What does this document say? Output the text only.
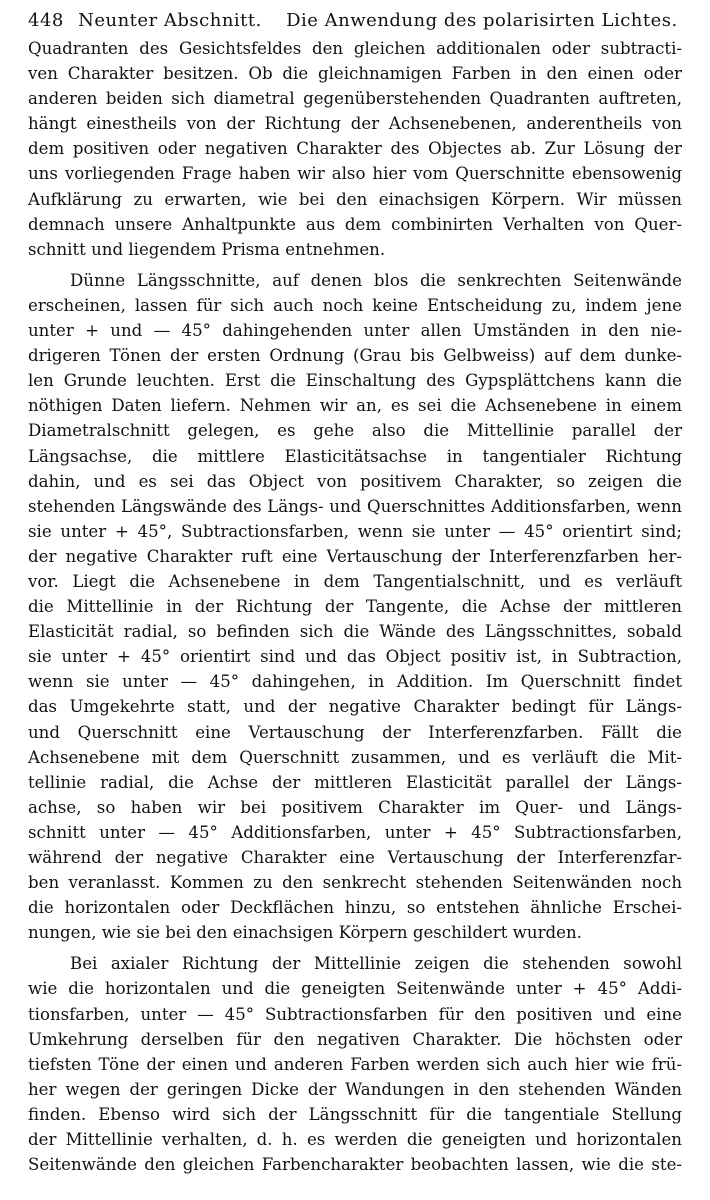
448 Neunter Abschnitt. Die Anwendung des polarisirten Lichtes.
Quadranten des Gesichtsfeldes den gleichen additionalen oder subtracti-
ven Charakter besitzen. Ob die gleichnamigen Farben in den einen oder
anderen beiden sich diametral gegenüberstehenden Quadranten auftreten,
hängt einestheils von der Richtung der Achsenebenen, anderentheils von
dem positiven oder negativen Charakter des Objectes ab. Zur Lösung der
uns vorliegenden Frage haben wir also hier vom Querschnitte ebensowenig
Aufklärung zu erwarten, wie bei den einachsigen Körpern. Wir müssen
demnach unsere Anhaltpunkte aus dem combinirten Verhalten von Quer-
schnitt und liegendem Prisma entnehmen.
Dünne Längsschnitte, auf denen blos die senkrechten Seitenwände
erscheinen, lassen für sich auch noch keine Entscheidung zu, indem jene
unter + und — 45° dahingehenden unter allen Umständen in den nie-
drigeren Tönen der ersten Ordnung (Grau bis Gelbweiss) auf dem dunke-
len Grunde leuchten. Erst die Einschaltung des Gypsplättchens kann die
nöthigen Daten liefern. Nehmen wir an, es sei die Achsenebene in einem
Diametralschnitt gelegen, es gehe also die Mittellinie parallel der
Längsachse, die mittlere Elasticitätsachse in tangentialer Richtung
dahin, und es sei das Object von positivem Charakter, so zeigen die
stehenden Längswände des Längs- und Querschnittes Additionsfarben, wenn
sie unter + 45°, Subtractionsfarben, wenn sie unter — 45° orientirt sind;
der negative Charakter ruft eine Vertauschung der Interferenzfarben her-
vor. Liegt die Achsenebene in dem Tangentialschnitt, und es verläuft
die Mittellinie in der Richtung der Tangente, die Achse der mittleren
Elasticität radial, so befinden sich die Wände des Längsschnittes, sobald
sie unter + 45° orientirt sind und das Object positiv ist, in Subtraction,
wenn sie unter — 45° dahingehen, in Addition. Im Querschnitt findet
das Umgekehrte statt, und der negative Charakter bedingt für Längs-
und Querschnitt eine Vertauschung der Interferenzfarben. Fällt die
Achsenebene mit dem Querschnitt zusammen, und es verläuft die Mit-
tellinie radial, die Achse der mittleren Elasticität parallel der Längs-
achse, so haben wir bei positivem Charakter im Quer- und Längs-
schnitt unter — 45° Additionsfarben, unter + 45° Subtractionsfarben,
während der negative Charakter eine Vertauschung der Interferenzfar-
ben veranlasst. Kommen zu den senkrecht stehenden Seitenwänden noch
die horizontalen oder Deckflächen hinzu, so entstehen ähnliche Erschei-
nungen, wie sie bei den einachsigen Körpern geschildert wurden.
Bei axialer Richtung der Mittellinie zeigen die stehenden sowohl
wie die horizontalen und die geneigten Seitenwände unter + 45° Addi-
tionsfarben, unter — 45° Subtractionsfarben für den positiven und eine
Umkehrung derselben für den negativen Charakter. Die höchsten oder
tiefsten Töne der einen und anderen Farben werden sich auch hier wie frü-
her wegen der geringen Dicke der Wandungen in den stehenden Wänden
finden. Ebenso wird sich der Längsschnitt für die tangentiale Stellung
der Mittellinie verhalten, d. h. es werden die geneigten und horizontalen
Seitenwände den gleichen Farbencharakter beobachten lassen, wie die ste-
